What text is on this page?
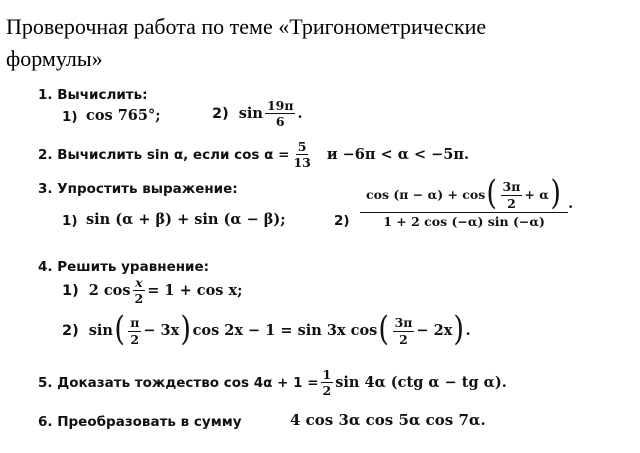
Проверочная работа по теме «Тригонометрические
формулы»
1. Вычислить:
1) cos 765°;	2) $\sin \frac{19\pi}{6}$ .
2. Вычислить sin α, если $\cos \alpha = \frac{5}{13}$ и −6π < α < −5π.
3. Упростить выражение:
1) sin (α + β) + sin (α − β);	2)
cos (π − α) + cos ( $\frac{3\pi}{2} + \alpha$ )
1 + 2 cos (−α) sin (−α)
.
4. Решить уравнение:
1) 2 $\cos \frac{x}{2} = 1 + \cos x$;
2) sin ( $\frac{\pi}{2} - 3x$ ) cos 2x − 1 = sin 3x cos ( $\frac{3\pi}{2} - 2x$ ) .
5. Доказать тождество $\cos 4\alpha + 1 = \frac{1}{2}$ sin 4α (ctg α − tg α).
6. Преобразовать в сумму	4 cos 3α cos 5α cos 7α.
